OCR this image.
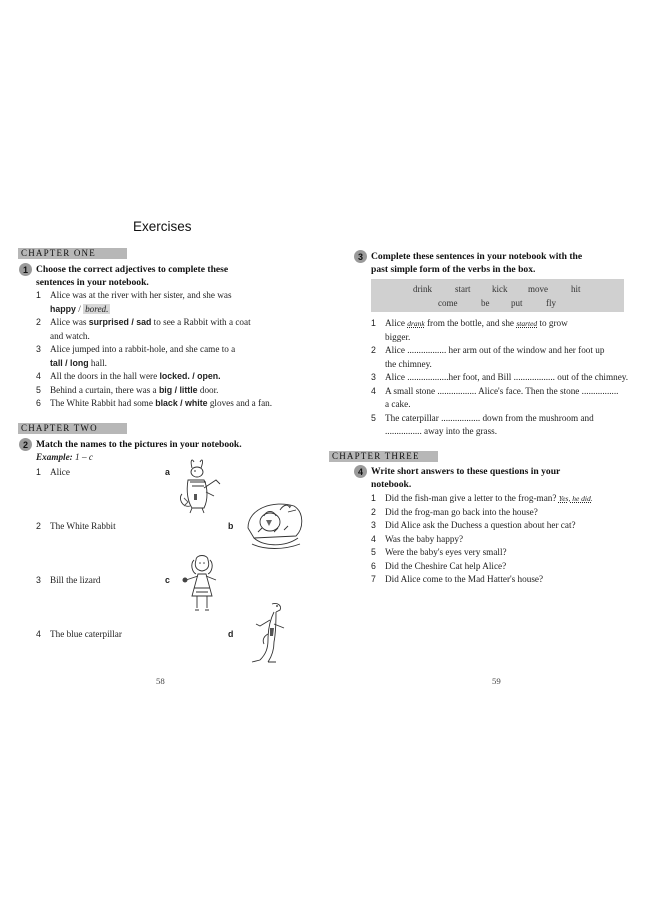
Exercises
CHAPTER ONE
1 Choose the correct adjectives to complete these
sentences in your notebook.
1 Alice was at the river with her sister, and she was
happy / bored.
2 Alice was surprised / sad to see a Rabbit with a coat
and watch.
3 Alice jumped into a rabbit-hole, and she came to a
tall / long hall.
4 All the doors in the hall were locked. / open.
5 Behind a curtain, there was a big / little door.
6 The White Rabbit had some black / white gloves and a fan.
CHAPTER TWO
2 Match the names to the pictures in your notebook.
Example: 1 – c
1 Alice
2 The White Rabbit
3 Bill the lizard
4 The blue caterpillar
a
b
c
d
58
3 Complete these sentences in your notebook with the
past simple form of the verbs in the box.
drink	start kick move	hit
come	be put	fly
1 Alice drank from the bottle, and she started to grow
bigger.
2 Alice ................. her arm out of the window and her foot up
the chimney.
3 Alice ..................her foot, and Bill .................. out of the chimney.
4 A small stone ................. Alice's face. Then the stone ................
a cake.
5 The caterpillar ................. down from the mushroom and
................ away into the grass.
CHAPTER THREE
4 Write short answers to these questions in your
notebook.
1 Did the fish-man give a letter to the frog-man? Yes, he did.
2 Did the frog-man go back into the house?
3 Did Alice ask the Duchess a question about her cat?
4 Was the baby happy?
5 Were the baby's eyes very small?
6 Did the Cheshire Cat help Alice?
7 Did Alice come to the Mad Hatter's house?
59
